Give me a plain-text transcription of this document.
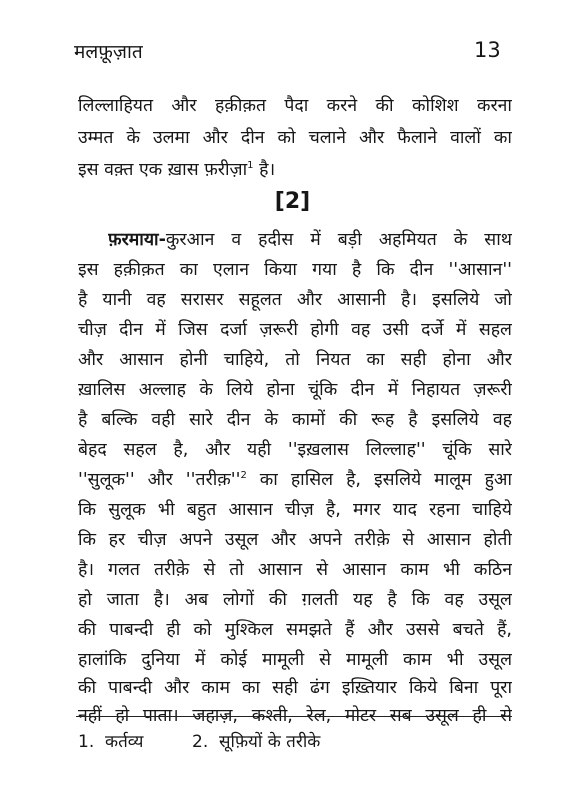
मलफ़ूज़ात	13
लिल्लाहियत और हक़ीक़त पैदा करने की कोशिश करना
उम्मत के उलमा और दीन को चलाने और फैलाने वालों का
इस वक़्त एक ख़ास फ़रीज़ा$^1$ है।
[2]
फ़रमाया-कुरआन व हदीस में बड़ी अहमियत के साथ
इस हक़ीक़त का एलान किया गया है कि दीन ''आसान''
है यानी वह सरासर सहूलत और आसानी है। इसलिये जो
चीज़ दीन में जिस दर्जा ज़रूरी होगी वह उसी दर्जे में सहल
और आसान होनी चाहिये, तो नियत का सही होना और
ख़ालिस अल्लाह के लिये होना चूंकि दीन में निहायत ज़रूरी
है बल्कि वही सारे दीन के कामों की रूह है इसलिये वह
बेहद सहल है, और यही ''इख़लास लिल्लाह'' चूंकि सारे
''सुलूक'' और ''$तरीक़''^2$ का हासिल है, इसलिये मालूम हुआ
कि सुलूक भी बहुत आसान चीज़ है, मगर याद रहना चाहिये
कि हर चीज़ अपने उसूल और अपने तरीक़े से आसान होती
है। गलत तरीक़े से तो आसान से आसान काम भी कठिन
हो जाता है। अब लोगों की ग़लती यह है कि वह उसूल
की पाबन्दी ही को मुश्किल समझते हैं और उससे बचते हैं,
हालांकि दुनिया में कोई मामूली से मामूली काम भी उसूल
की पाबन्दी और काम का सही ढंग इख़्तियार किये बिना पूरा
नहीं हो पाता। जहाज़, कश्ती, रेल, मोटर सब उसूल ही से
1. कर्तव्य	2. सूफ़ियों के तरीके
